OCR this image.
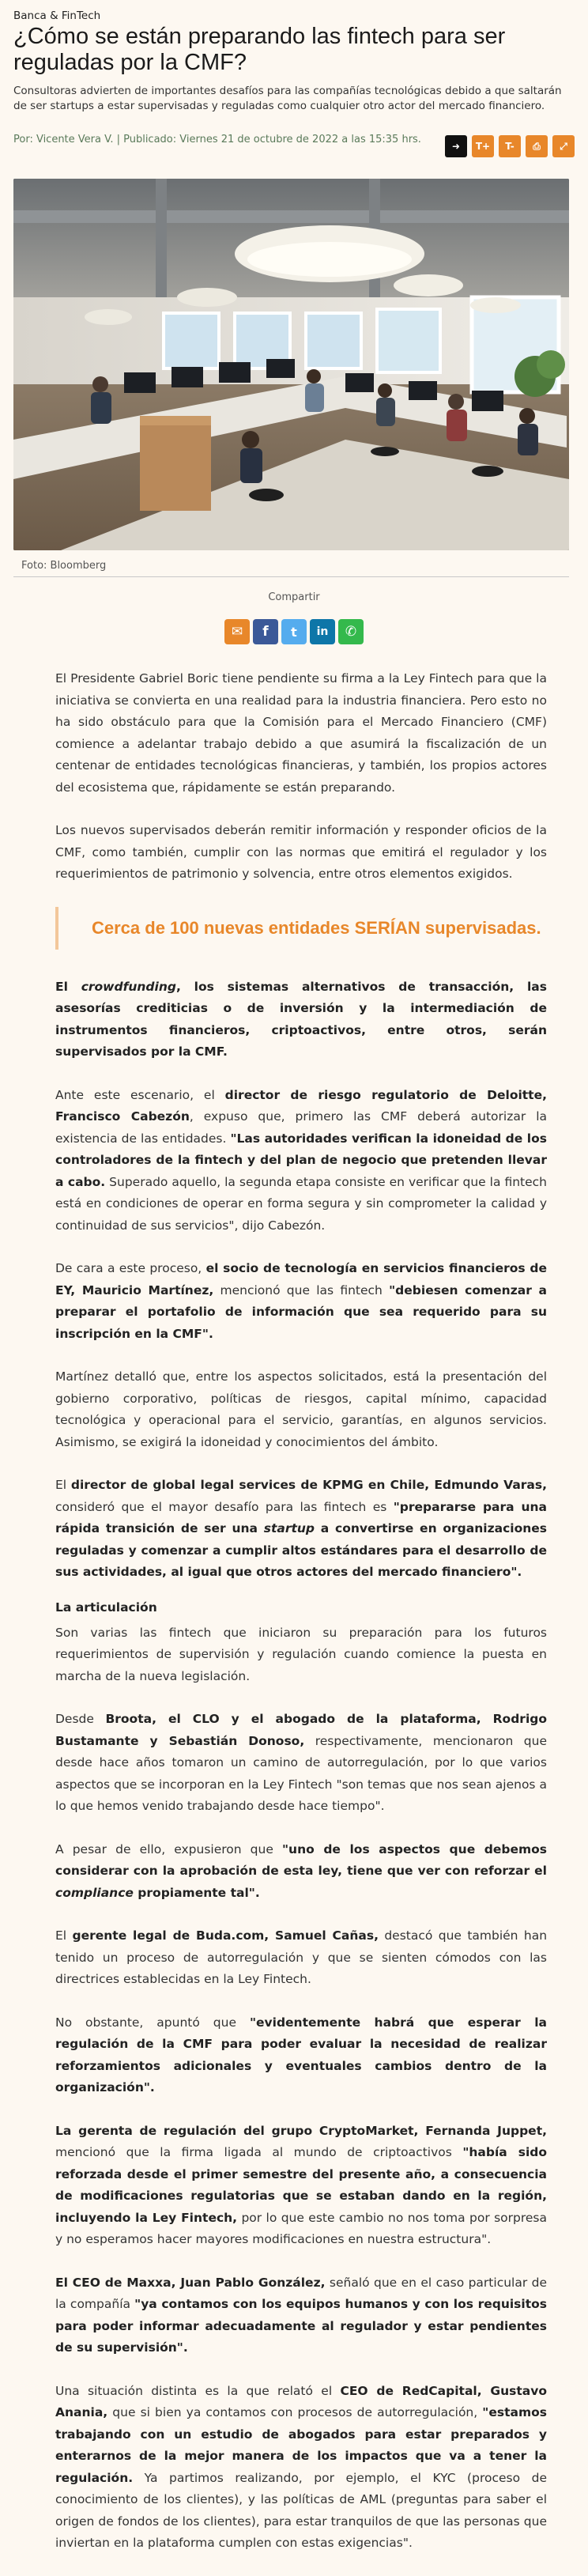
Banca & FinTech
¿Cómo se están preparando las fintech para ser reguladas por la CMF?

Consultoras advierten de importantes desafíos para las compañías tecnológicas debido a que saltarán de ser startups a estar supervisadas y reguladas como cualquier otro actor del mercado financiero.

Por: Vicente Vera V. | Publicado: Viernes 21 de octubre de 2022 a las 15:35 hrs.
➜	T+	T-	⎙	⤢
Foto: Bloomberg
Compartir
✉	f	t	in	✆

El Presidente Gabriel Boric tiene pendiente su firma a la Ley Fintech para que la iniciativa se convierta en una realidad para la industria financiera. Pero esto no ha sido obstáculo para que la Comisión para el Mercado Financiero (CMF) comience a adelantar trabajo debido a que asumirá la fiscalización de un centenar de entidades tecnológicas financieras, y también, los propios actores del ecosistema que, rápidamente se están preparando.

Los nuevos supervisados deberán remitir información y responder oficios de la CMF, como también, cumplir con las normas que emitirá el regulador y los requerimientos de patrimonio y solvencia, entre otros elementos exigidos.

Cerca de 100 nuevas entidades SERÍAN supervisadas.

El crowdfunding, los sistemas alternativos de transacción, las asesorías crediticias o de inversión y la intermediación de instrumentos financieros, criptoactivos, entre otros, serán supervisados por la CMF.

Ante este escenario, el director de riesgo regulatorio de Deloitte, Francisco Cabezón, expuso que, primero las CMF deberá autorizar la existencia de las entidades. "Las autoridades verifican la idoneidad de los controladores de la fintech y del plan de negocio que pretenden llevar a cabo. Superado aquello, la segunda etapa consiste en verificar que la fintech está en condiciones de operar en forma segura y sin comprometer la calidad y continuidad de sus servicios", dijo Cabezón.

De cara a este proceso, el socio de tecnología en servicios financieros de EY, Mauricio Martínez, mencionó que las fintech "debiesen comenzar a preparar el portafolio de información que sea requerido para su inscripción en la CMF".

Martínez detalló que, entre los aspectos solicitados, está la presentación del gobierno corporativo, políticas de riesgos, capital mínimo, capacidad tecnológica y operacional para el servicio, garantías, en algunos servicios. Asimismo, se exigirá la idoneidad y conocimientos del ámbito.

El director de global legal services de KPMG en Chile, Edmundo Varas, consideró que el mayor desafío para las fintech es "prepararse para una rápida transición de ser una startup a convertirse en organizaciones reguladas y comenzar a cumplir altos estándares para el desarrollo de sus actividades, al igual que otros actores del mercado financiero".

La articulación

Son varias las fintech que iniciaron su preparación para los futuros requerimientos de supervisión y regulación cuando comience la puesta en marcha de la nueva legislación.

Desde Broota, el CLO y el abogado de la plataforma, Rodrigo Bustamante y Sebastián Donoso, respectivamente, mencionaron que desde hace años tomaron un camino de autorregulación, por lo que varios aspectos que se incorporan en la Ley Fintech "son temas que nos sean ajenos a lo que hemos venido trabajando desde hace tiempo".

A pesar de ello, expusieron que "uno de los aspectos que debemos considerar con la aprobación de esta ley, tiene que ver con reforzar el compliance propiamente tal".

El gerente legal de Buda.com, Samuel Cañas, destacó que también han tenido un proceso de autorregulación y que se sienten cómodos con las directrices establecidas en la Ley Fintech.

No obstante, apuntó que "evidentemente habrá que esperar la regulación de la CMF para poder evaluar la necesidad de realizar reforzamientos adicionales y eventuales cambios dentro de la organización".

La gerenta de regulación del grupo CryptoMarket, Fernanda Juppet, mencionó que la firma ligada al mundo de criptoactivos "había sido reforzada desde el primer semestre del presente año, a consecuencia de modificaciones regulatorias que se estaban dando en la región, incluyendo la Ley Fintech, por lo que este cambio no nos toma por sorpresa y no esperamos hacer mayores modificaciones en nuestra estructura".

El CEO de Maxxa, Juan Pablo González, señaló que en el caso particular de la compañía "ya contamos con los equipos humanos y con los requisitos para poder informar adecuadamente al regulador y estar pendientes de su supervisión".

Una situación distinta es la que relató el CEO de RedCapital, Gustavo Anania, que si bien ya contamos con procesos de autorregulación, "estamos trabajando con un estudio de abogados para estar preparados y enterarnos de la mejor manera de los impactos que va a tener la regulación. Ya partimos realizando, por ejemplo, el KYC (proceso de conocimiento de los clientes), y las políticas de AML (preguntas para saber el origen de fondos de los clientes), para estar tranquilos de que las personas que inviertan en la plataforma cumplen con estas exigencias".
